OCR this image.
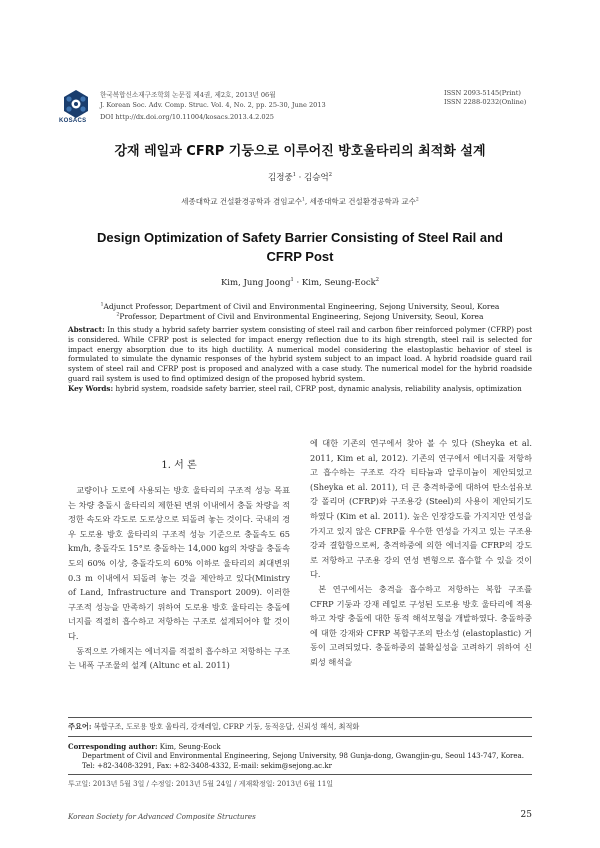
KOSACS
한국복합신소재구조학회 논문집 제4권, 제2호, 2013년 06월
J. Korean Soc. Adv. Comp. Struc. Vol. 4, No. 2, pp. 25-30, June 2013
DOI http://dx.doi.org/10.11004/kosacs.2013.4.2.025
ISSN 2093-5145(Print)
ISSN 2288-0232(Online)
강재 레일과 CFRP 기둥으로 이루어진 방호울타리의 최적화 설계
김정중$^1$ · 김승억$^2$
세종대학교 건설환경공학과 겸임교수$^1$, 세종대학교 건설환경공학과 교수$^2$
Design Optimization of Safety Barrier Consisting of Steel Rail and CFRP Post
Kim, Jung Joong$^1$ · Kim, Seung-Eock$^2$
$^1$Adjunct Professor, Department of Civil and Environmental Engineering, Sejong University, Seoul, Korea
$^2$Professor, Department of Civil and Environmental Engineering, Sejong University, Seoul, Korea

Abstract: In this study a hybrid safety barrier system consisting of steel rail and carbon fiber reinforced polymer (CFRP) post is considered. While CFRP post is selected for impact energy reflection due to its high strength, steel rail is selected for impact energy absorption due to its high ductility. A numerical model considering the elastoplastic behavior of steel is formulated to simulate the dynamic responses of the hybrid system subject to an impact load. A hybrid roadside guard rail system of steel rail and CFRP post is proposed and analyzed with a case study. The numerical model for the hybrid roadside guard rail system is used to find optimized design of the proposed hybrid system.

Key Words: hybrid system, roadside safety barrier, steel rail, CFRP post, dynamic analysis, reliability analysis, optimization

1. 서 론

교량이나 도로에 사용되는 방호 울타리의 구조적 성능 목표는 차량 충돌시 울타리의 제한된 변위 이내에서 충돌 차량을 적정한 속도와 각도로 도로상으로 되돌려 놓는 것이다. 국내의 경우 도로용 방호 울타리의 구조적 성능 기준으로 충돌속도 65 km/h, 충돌각도 15°로 충돌하는 14,000 kg의 차량을 충돌속도의 60% 이상, 충돌각도의 60% 이하로 울타리의 최대변위 0.3 m 이내에서 되돌려 놓는 것을 제안하고 있다(Ministry of Land, Infrastructure and Transport 2009). 이러한 구조적 성능을 만족하기 위하여 도로용 방호 울타리는 충돌에너지를 적절히 흡수하고 저항하는 구조로 설계되어야 할 것이다.

동적으로 가해지는 에너지를 적절히 흡수하고 저항하는 구조는 내폭 구조물의 설계 (Altunc et al. 2011)

에 대한 기존의 연구에서 찾아 볼 수 있다 (Sheyka et al. 2011, Kim et al, 2012). 기존의 연구에서 에너지를 저항하고 흡수하는 구조로 각각 티타늄과 알루미늄이 제안되었고 (Sheyka et al. 2011), 더 큰 충격하중에 대하여 탄소섬유보강 폴리머 (CFRP)와 구조용강 (Steel)의 사용이 제안되기도 하였다 (Kim et al. 2011). 높은 인장강도를 가지지만 연성을 가지고 있지 않은 CFRP를 우수한 연성을 가지고 있는 구조용 강과 결합함으로써, 충격하중에 의한 에너지를 CFRP의 강도로 저항하고 구조용 강의 연성 변형으로 흡수할 수 있을 것이다.

본 연구에서는 충격을 흡수하고 저항하는 복합 구조를 CFRP 기둥과 강재 레일로 구성된 도로용 방호 울타리에 적용하고 차량 충돌에 대한 동적 해석모형을 개발하였다. 충돌하중에 대한 강재와 CFRP 복합구조의 탄소성 (elastoplastic) 거동이 고려되었다. 충돌하중의 불확실성을 고려하기 위하여 신뢰성 해석을

주요어: 복합구조, 도로용 방호 울타리, 강재레일, CFRP 기둥, 동적응답, 신뢰성 해석, 최적화
Corresponding author: Kim, Seung-Eock
Department of Civil and Environmental Engineering, Sejong University, 98 Gunja-dong, Gwangjin-gu, Seoul 143-747, Korea.
Tel: +82-3408-3291, Fax: +82-3408-4332, E-mail: sekim@sejong.ac.kr
투고일: 2013년 5월 3일 / 수정일: 2013년 5월 24일 / 게재확정일: 2013년 6월 11일
Korean Society for Advanced Composite Structures	25
